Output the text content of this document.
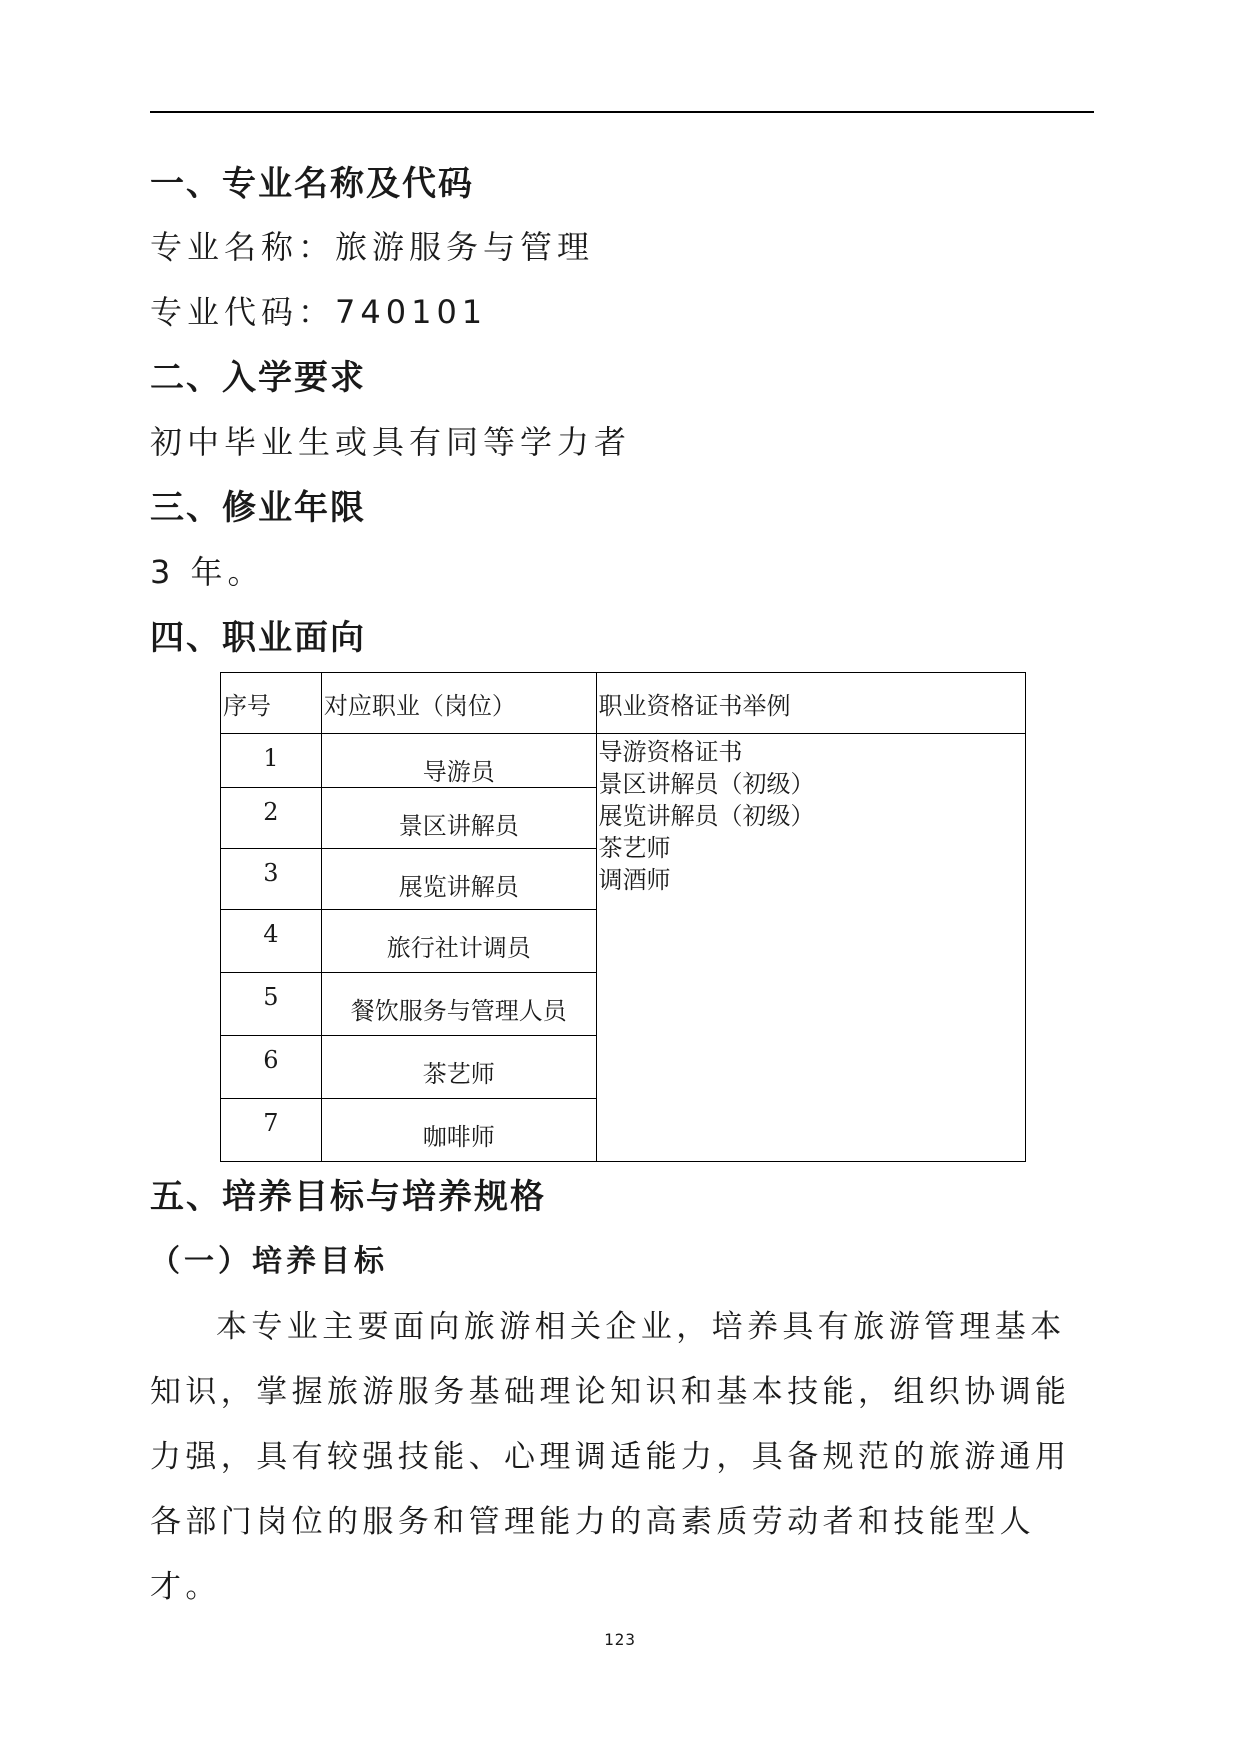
一、专业名称及代码

专业名称：旅游服务与管理

专业代码：740101

二、入学要求

初中毕业生或具有同等学力者

三、修业年限

3 年。

四、职业面向
序号	对应职业（岗位）	职业资格证书举例
1	导游员	导游资格证书
景区讲解员（初级）
展览讲解员（初级）
茶艺师
调酒师

2	景区讲解员	
3	展览讲解员	
4	旅行社计调员	
5	餐饮服务与管理人员	
6	茶艺师	
7	咖啡师	
五、培养目标与培养规格
（一）培养目标

本专业主要面向旅游相关企业，培养具有旅游管理基本知识，掌握旅游服务基础理论知识和基本技能，组织协调能力强，具有较强技能、心理调适能力，具备规范的旅游通用各部门岗位的服务和管理能力的高素质劳动者和技能型人才。

123
